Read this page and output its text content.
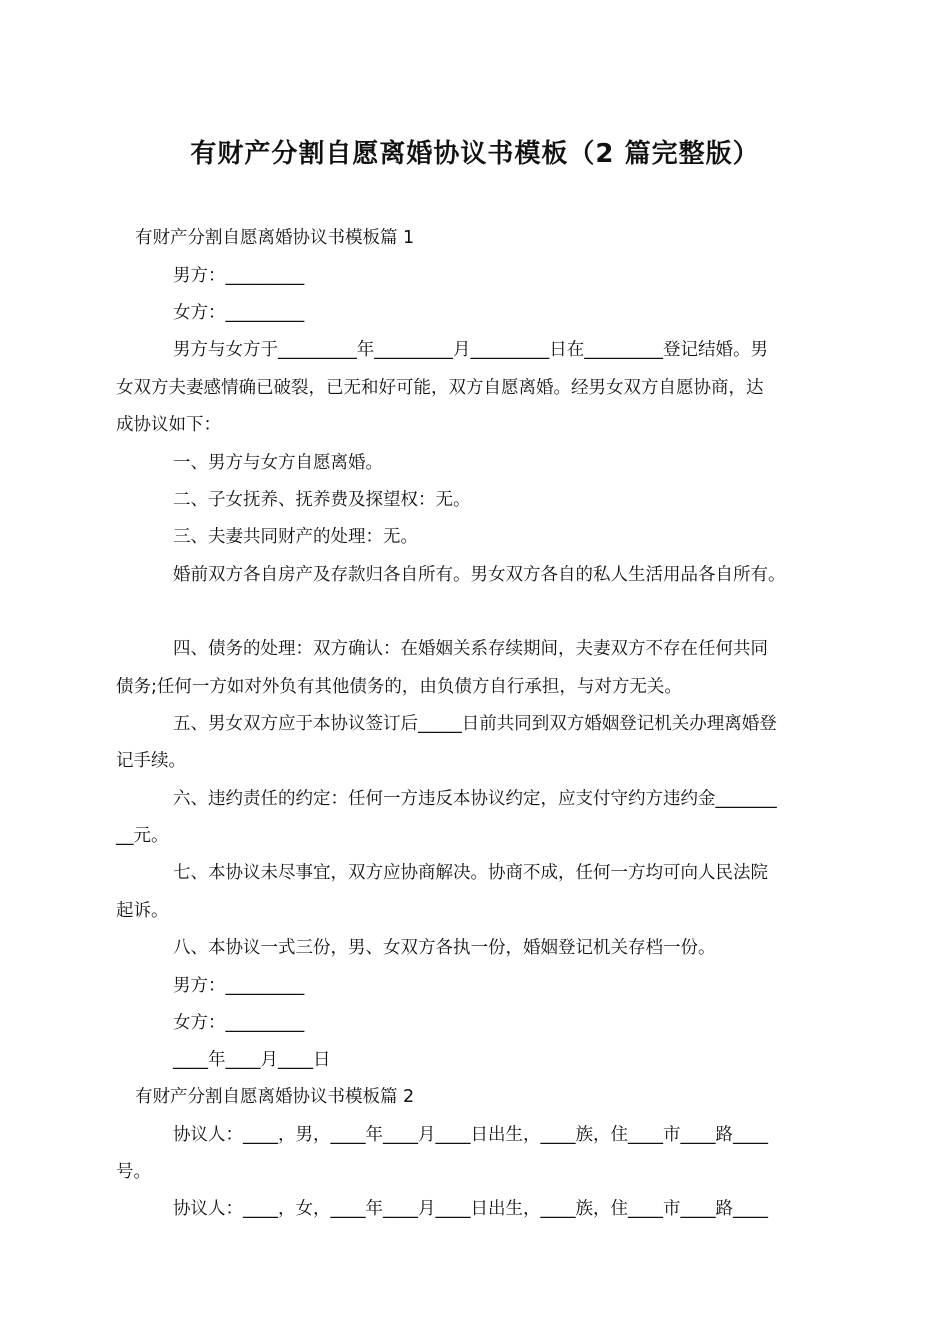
有财产分割自愿离婚协议书模板（2 篇完整版）
有财产分割自愿离婚协议书模板篇 1
男方：_________
女方：_________
男方与女方于_________年_________月_________日在_________登记结婚。男
女双方夫妻感情确已破裂，已无和好可能，双方自愿离婚。经男女双方自愿协商，达
成协议如下：
一、男方与女方自愿离婚。
二、子女抚养、抚养费及探望权：无。
三、夫妻共同财产的处理：无。
婚前双方各自房产及存款归各自所有。男女双方各自的私人生活用品各自所有。
四、债务的处理：双方确认：在婚姻关系存续期间，夫妻双方不存在任何共同
债务;任何一方如对外负有其他债务的，由负债方自行承担，与对方无关。
五、男女双方应于本协议签订后_____日前共同到双方婚姻登记机关办理离婚登
记手续。
六、违约责任的约定：任何一方违反本协议约定，应支付守约方违约金_______
__元。
七、本协议未尽事宜，双方应协商解决。协商不成，任何一方均可向人民法院
起诉。
八、本协议一式三份，男、女双方各执一份，婚姻登记机关存档一份。
男方：_________
女方：_________
____年____月____日
有财产分割自愿离婚协议书模板篇 2
协议人：____，男，____年____月____日出生，____族，住____市____路____
号。
协议人：____，女，____年____月____日出生，____族，住____市____路____
